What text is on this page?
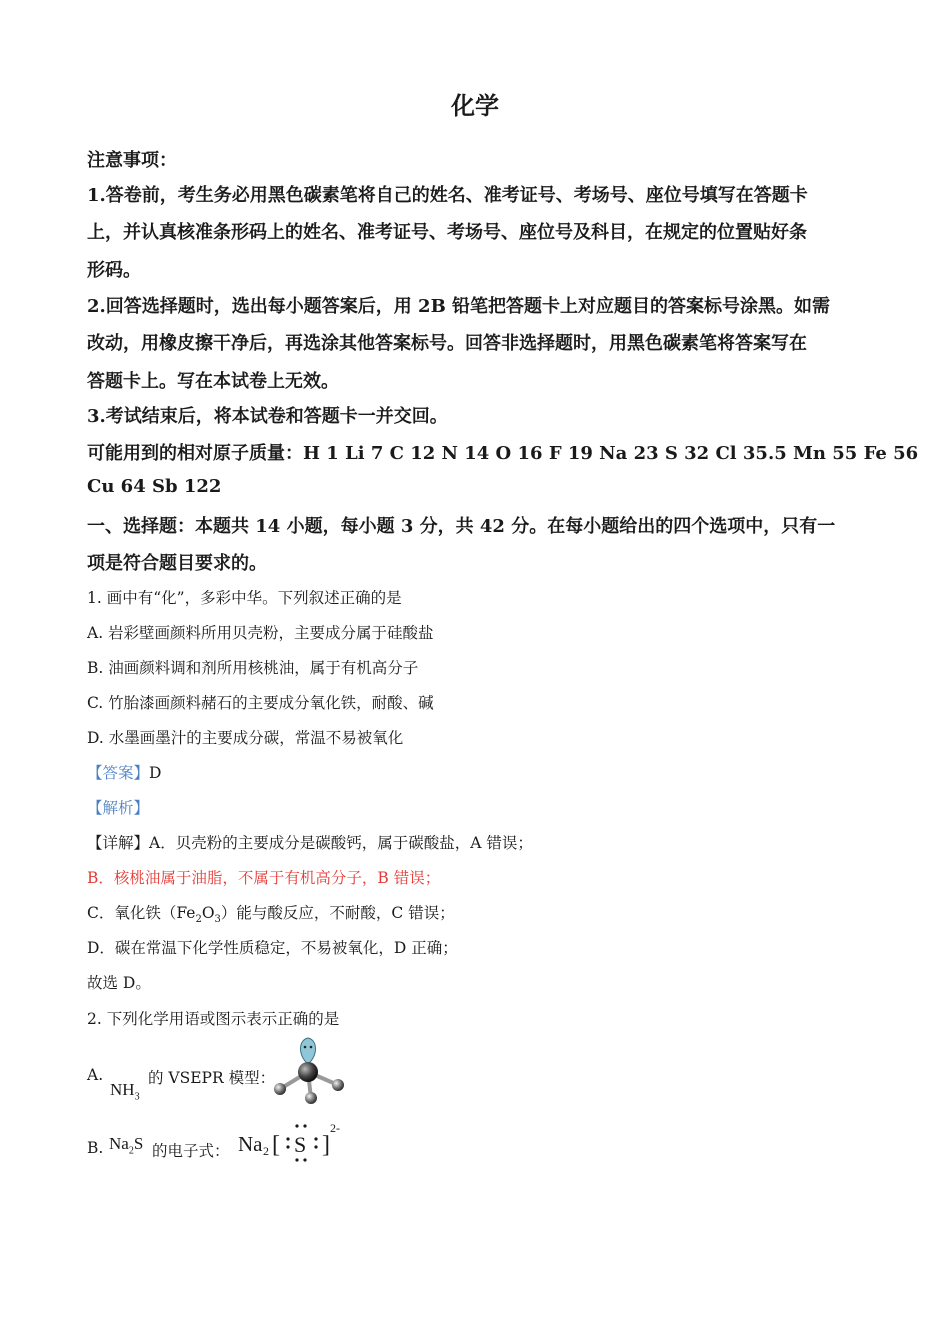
化学
注意事项：
1.答卷前，考生务必用黑色碳素笔将自己的姓名、准考证号、考场号、座位号填写在答题卡
上，并认真核准条形码上的姓名、准考证号、考场号、座位号及科目，在规定的位置贴好条
形码。
2.回答选择题时，选出每小题答案后，用 2B 铅笔把答题卡上对应题目的答案标号涂黑。如需
改动，用橡皮擦干净后，再选涂其他答案标号。回答非选择题时，用黑色碳素笔将答案写在
答题卡上。写在本试卷上无效。
3.考试结束后，将本试卷和答题卡一并交回。
可能用到的相对原子质量：H 1 Li 7 C 12 N 14 O 16 F 19 Na 23 S 32 Cl 35.5 Mn 55 Fe 56
Cu 64 Sb 122
一、选择题：本题共 14 小题，每小题 3 分，共 42 分。在每小题给出的四个选项中，只有一
项是符合题目要求的。
1. 画中有“化”，多彩中华。下列叙述正确的是
A. 岩彩壁画颜料所用贝壳粉，主要成分属于硅酸盐
B. 油画颜料调和剂所用核桃油，属于有机高分子
C. 竹胎漆画颜料赭石的主要成分氧化铁，耐酸、碱
D. 水墨画墨汁的主要成分碳，常温不易被氧化
【答案】D
【解析】
【详解】A．贝壳粉的主要成分是碳酸钙，属于碳酸盐，A 错误；
B．核桃油属于油脂，不属于有机高分子，B 错误；
C．氧化铁$(Fe_2O_3)$能与酸反应，不耐酸，C 错误；
D．碳在常温下化学性质稳定，不易被氧化，D 正确；
故选 D。
2. 下列化学用语或图示表示正确的是
A.
$NH_3$
的 VSEPR 模型：
B. $Na_2S$ 的电子式： Na 2 [ S ]
2-
